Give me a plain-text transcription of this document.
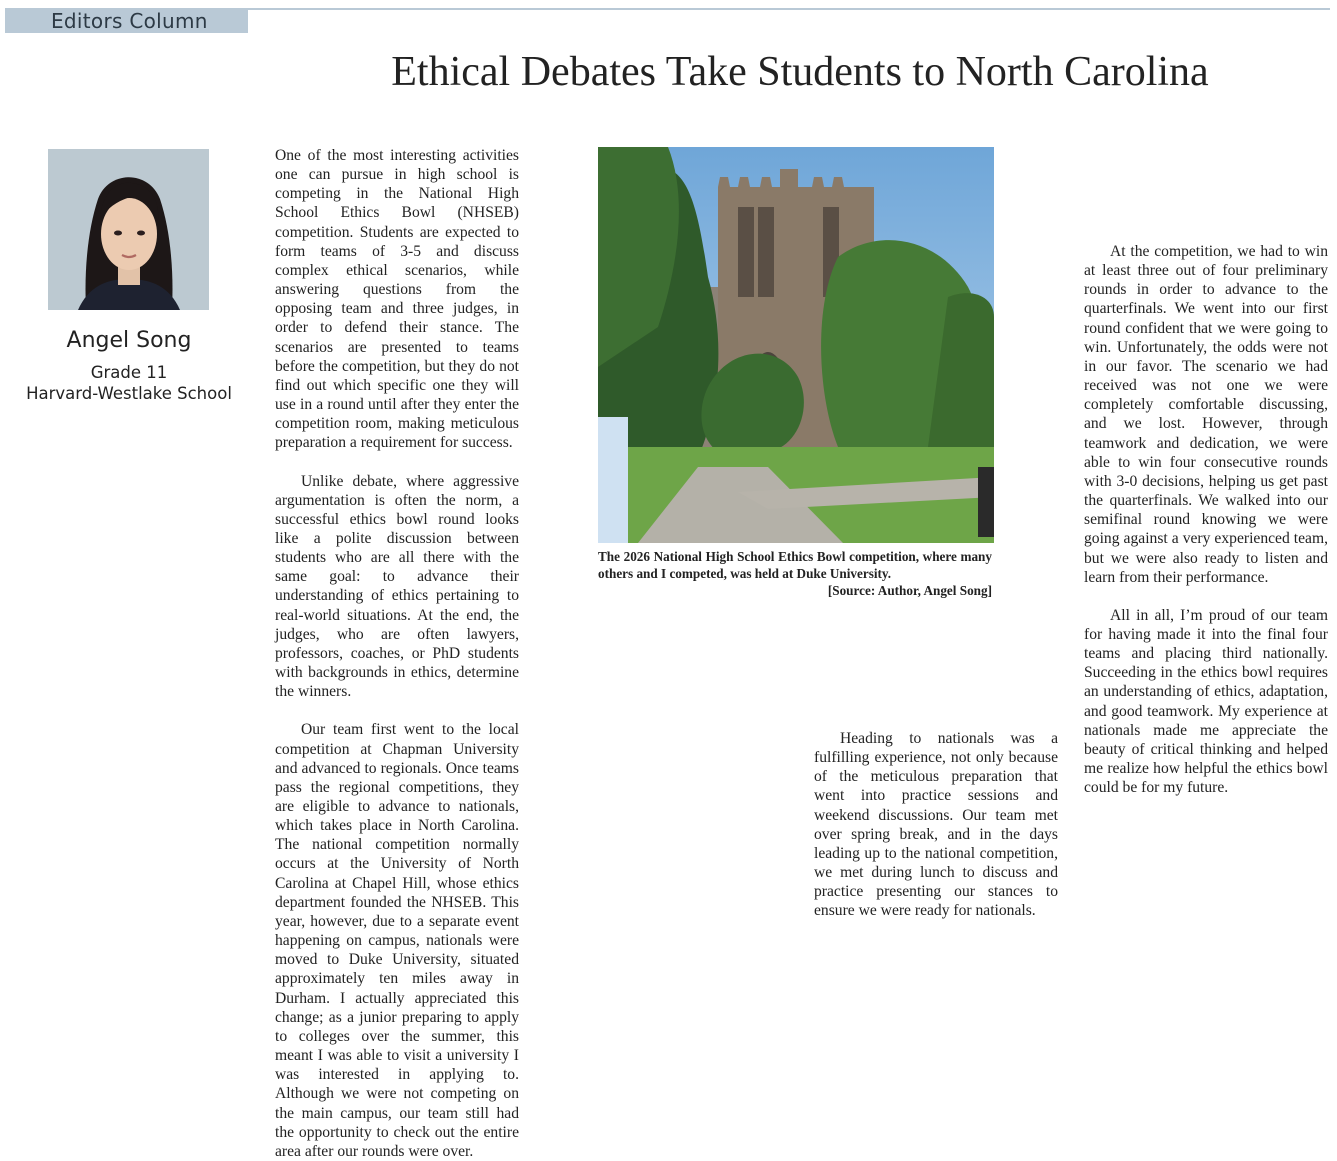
Editors Column
Ethical Debates Take Students to North Carolina
Angel Song
Grade 11
Harvard-Westlake School

One of the most interesting activities one can pursue in high school is competing in the National High School Ethics Bowl (NHSEB) competition. Students are expected to form teams of 3-5 and discuss complex ethical scenarios, while answering questions from the opposing team and three judges, in order to defend their stance. The scenarios are presented to teams before the competition, but they do not find out which specific one they will use in a round until after they enter the competition room, making meticulous preparation a requirement for success.

Unlike debate, where aggressive argumentation is often the norm, a successful ethics bowl round looks like a polite discussion between students who are all there with the same goal: to advance their understanding of ethics pertaining to real-world situations. At the end, the judges, who are often lawyers, professors, coaches, or PhD students with backgrounds in ethics, determine the winners.

Our team first went to the local competition at Chapman University and advanced to regionals. Once teams pass the regional competitions, they are eligible to advance to nationals, which takes place in North Carolina. The national competition normally occurs at the University of North Carolina at Chapel Hill, whose ethics department founded the NHSEB. This year, however, due to a separate event happening on campus, nationals were moved to Duke University, situated approximately ten miles away in Durham. I actually appreciated this change; as a junior preparing to apply to colleges over the summer, this meant I was able to visit a university I was interested in applying to. Although we were not competing on the main campus, our team still had the opportunity to check out the entire area after our rounds were over.

Heading to nationals was a fulfilling experience, not only because of the meticulous preparation that went into practice sessions and weekend discussions. Our team met over spring break, and in the days leading up to the national competition, we met during lunch to discuss and practice presenting our stances to ensure we were ready for nationals.

At the competition, we had to win at least three out of four preliminary rounds in order to advance to the quarterfinals. We went into our first round confident that we were going to win. Unfortunately, the odds were not in our favor. The scenario we had received was not one we were completely comfortable discussing, and we lost. However, through teamwork and dedication, we were able to win four consecutive rounds with 3-0 decisions, helping us get past the quarterfinals. We walked into our semifinal round knowing we were going against a very experienced team, but we were also ready to listen and learn from their performance.

All in all, I’m proud of our team for having made it into the final four teams and placing third nationally. Succeeding in the ethics bowl requires an understanding of ethics, adaptation, and good teamwork. My experience at nationals made me appreciate the beauty of critical thinking and helped me realize how helpful the ethics bowl could be for my future.

The 2026 National High School Ethics Bowl competition, where many others and I competed, was held at Duke University.
[Source: Author, Angel Song]
